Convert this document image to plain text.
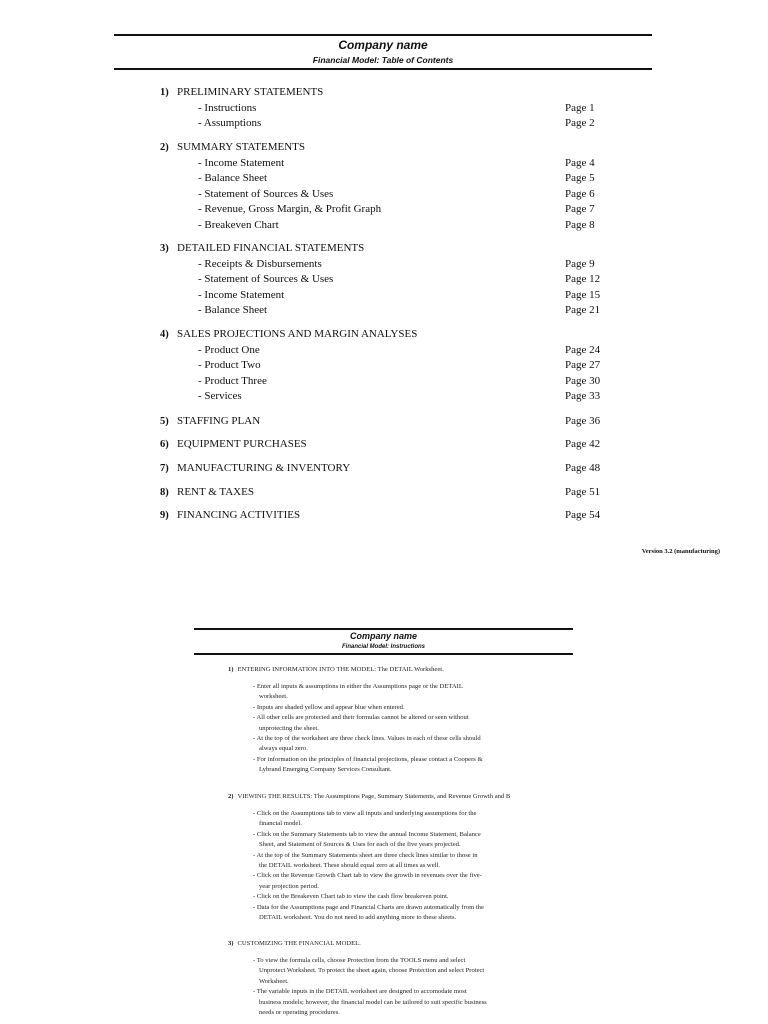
Company name
Financial Model: Table of Contents
1) PRELIMINARY STATEMENTS
- Instructions	Page 1
- Assumptions	Page 2
2) SUMMARY STATEMENTS
- Income Statement	Page 4
- Balance Sheet	Page 5
- Statement of Sources & Uses	Page 6
- Revenue, Gross Margin, & Profit Graph	Page 7
- Breakeven Chart	Page 8
3) DETAILED FINANCIAL STATEMENTS
- Receipts & Disbursements	Page 9
- Statement of Sources & Uses	Page 12
- Income Statement	Page 15
- Balance Sheet	Page 21
4) SALES PROJECTIONS AND MARGIN ANALYSES
- Product One	Page 24
- Product Two	Page 27
- Product Three	Page 30
- Services	Page 33
5) STAFFING PLAN	Page 36
6) EQUIPMENT PURCHASES	Page 42
7) MANUFACTURING & INVENTORY	Page 48
8) RENT & TAXES	Page 51
9) FINANCING ACTIVITIES	Page 54
Version 3.2 (manufacturing)
Company name
Financial Model: Instructions
1) ENTERING INFORMATION INTO THE MODEL: The DETAIL Worksheet.
- Enter all inputs & assumptions in either the Assumptions page or the DETAIL
worksheet.
- Inputs are shaded yellow and appear blue when entered.
- All other cells are protected and their formulas cannot be altered or seen without
unprotecting the sheet.
- At the top of the worksheet are three check lines. Values in each of these cells should
always equal zero.
- For information on the principles of financial projections, please contact a Coopers &
Lybrand Emerging Company Services Consultant.
2) VIEWING THE RESULTS: The Assumptions Page, Summary Statements, and Revenue Growth and B
- Click on the Assumptions tab to view all inputs and underlying assumptions for the
financial model.
- Click on the Summary Statements tab to view the annual Income Statement, Balance
Sheet, and Statement of Sources & Uses for each of the five years projected.
- At the top of the Summary Statements sheet are three check lines similar to those in
the DETAIL worksheet. These should equal zero at all times as well.
- Click on the Revenue Growth Chart tab to view the growth in revenues over the five-
year projection period.
- Click on the Breakeven Chart tab to view the cash flow breakeven point.
- Data for the Assumptions page and Financial Charts are drawn automatically from the
DETAIL worksheet. You do not need to add anything more to these sheets.
3) CUSTOMIZING THE FINANCIAL MODEL.
- To view the formula cells, choose Protection from the TOOLS menu and select
Unprotect Worksheet. To protect the sheet again, choose Protection and select Protect
Worksheet.
- The variable inputs in the DETAIL worksheet are designed to accomodate most
business models; however, the financial model can be tailored to suit specific business
needs or operating procedures.
